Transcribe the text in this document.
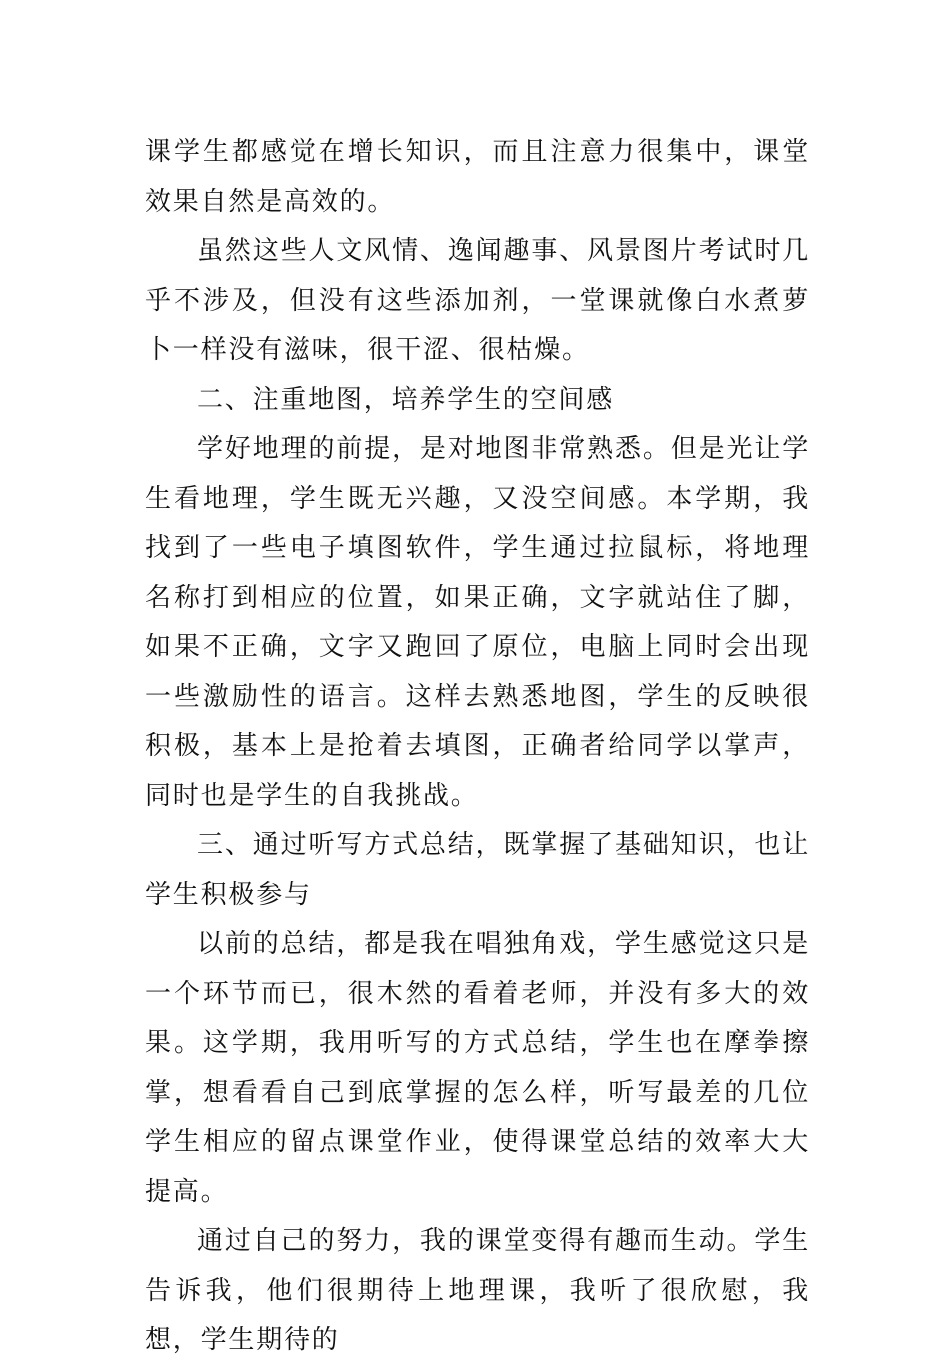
课学生都感觉在增长知识，而且注意力很集中，课堂效果自然是高效的。

虽然这些人文风情、逸闻趣事、风景图片考试时几乎不涉及，但没有这些添加剂，一堂课就像白水煮萝卜一样没有滋味，很干涩、很枯燥。

二、注重地图，培养学生的空间感

学好地理的前提，是对地图非常熟悉。但是光让学生看地理，学生既无兴趣，又没空间感。本学期，我找到了一些电子填图软件，学生通过拉鼠标，将地理名称打到相应的位置，如果正确，文字就站住了脚，如果不正确，文字又跑回了原位，电脑上同时会出现一些激励性的语言。这样去熟悉地图，学生的反映很积极，基本上是抢着去填图，正确者给同学以掌声，同时也是学生的自我挑战。

三、通过听写方式总结，既掌握了基础知识，也让学生积极参与

以前的总结，都是我在唱独角戏，学生感觉这只是一个环节而已，很木然的看着老师，并没有多大的效果。这学期，我用听写的方式总结，学生也在摩拳擦掌，想看看自己到底掌握的怎么样，听写最差的几位学生相应的留点课堂作业，使得课堂总结的效率大大提高。

通过自己的努力，我的课堂变得有趣而生动。学生告诉我，他们很期待上地理课，我听了很欣慰，我想，学生期待的
